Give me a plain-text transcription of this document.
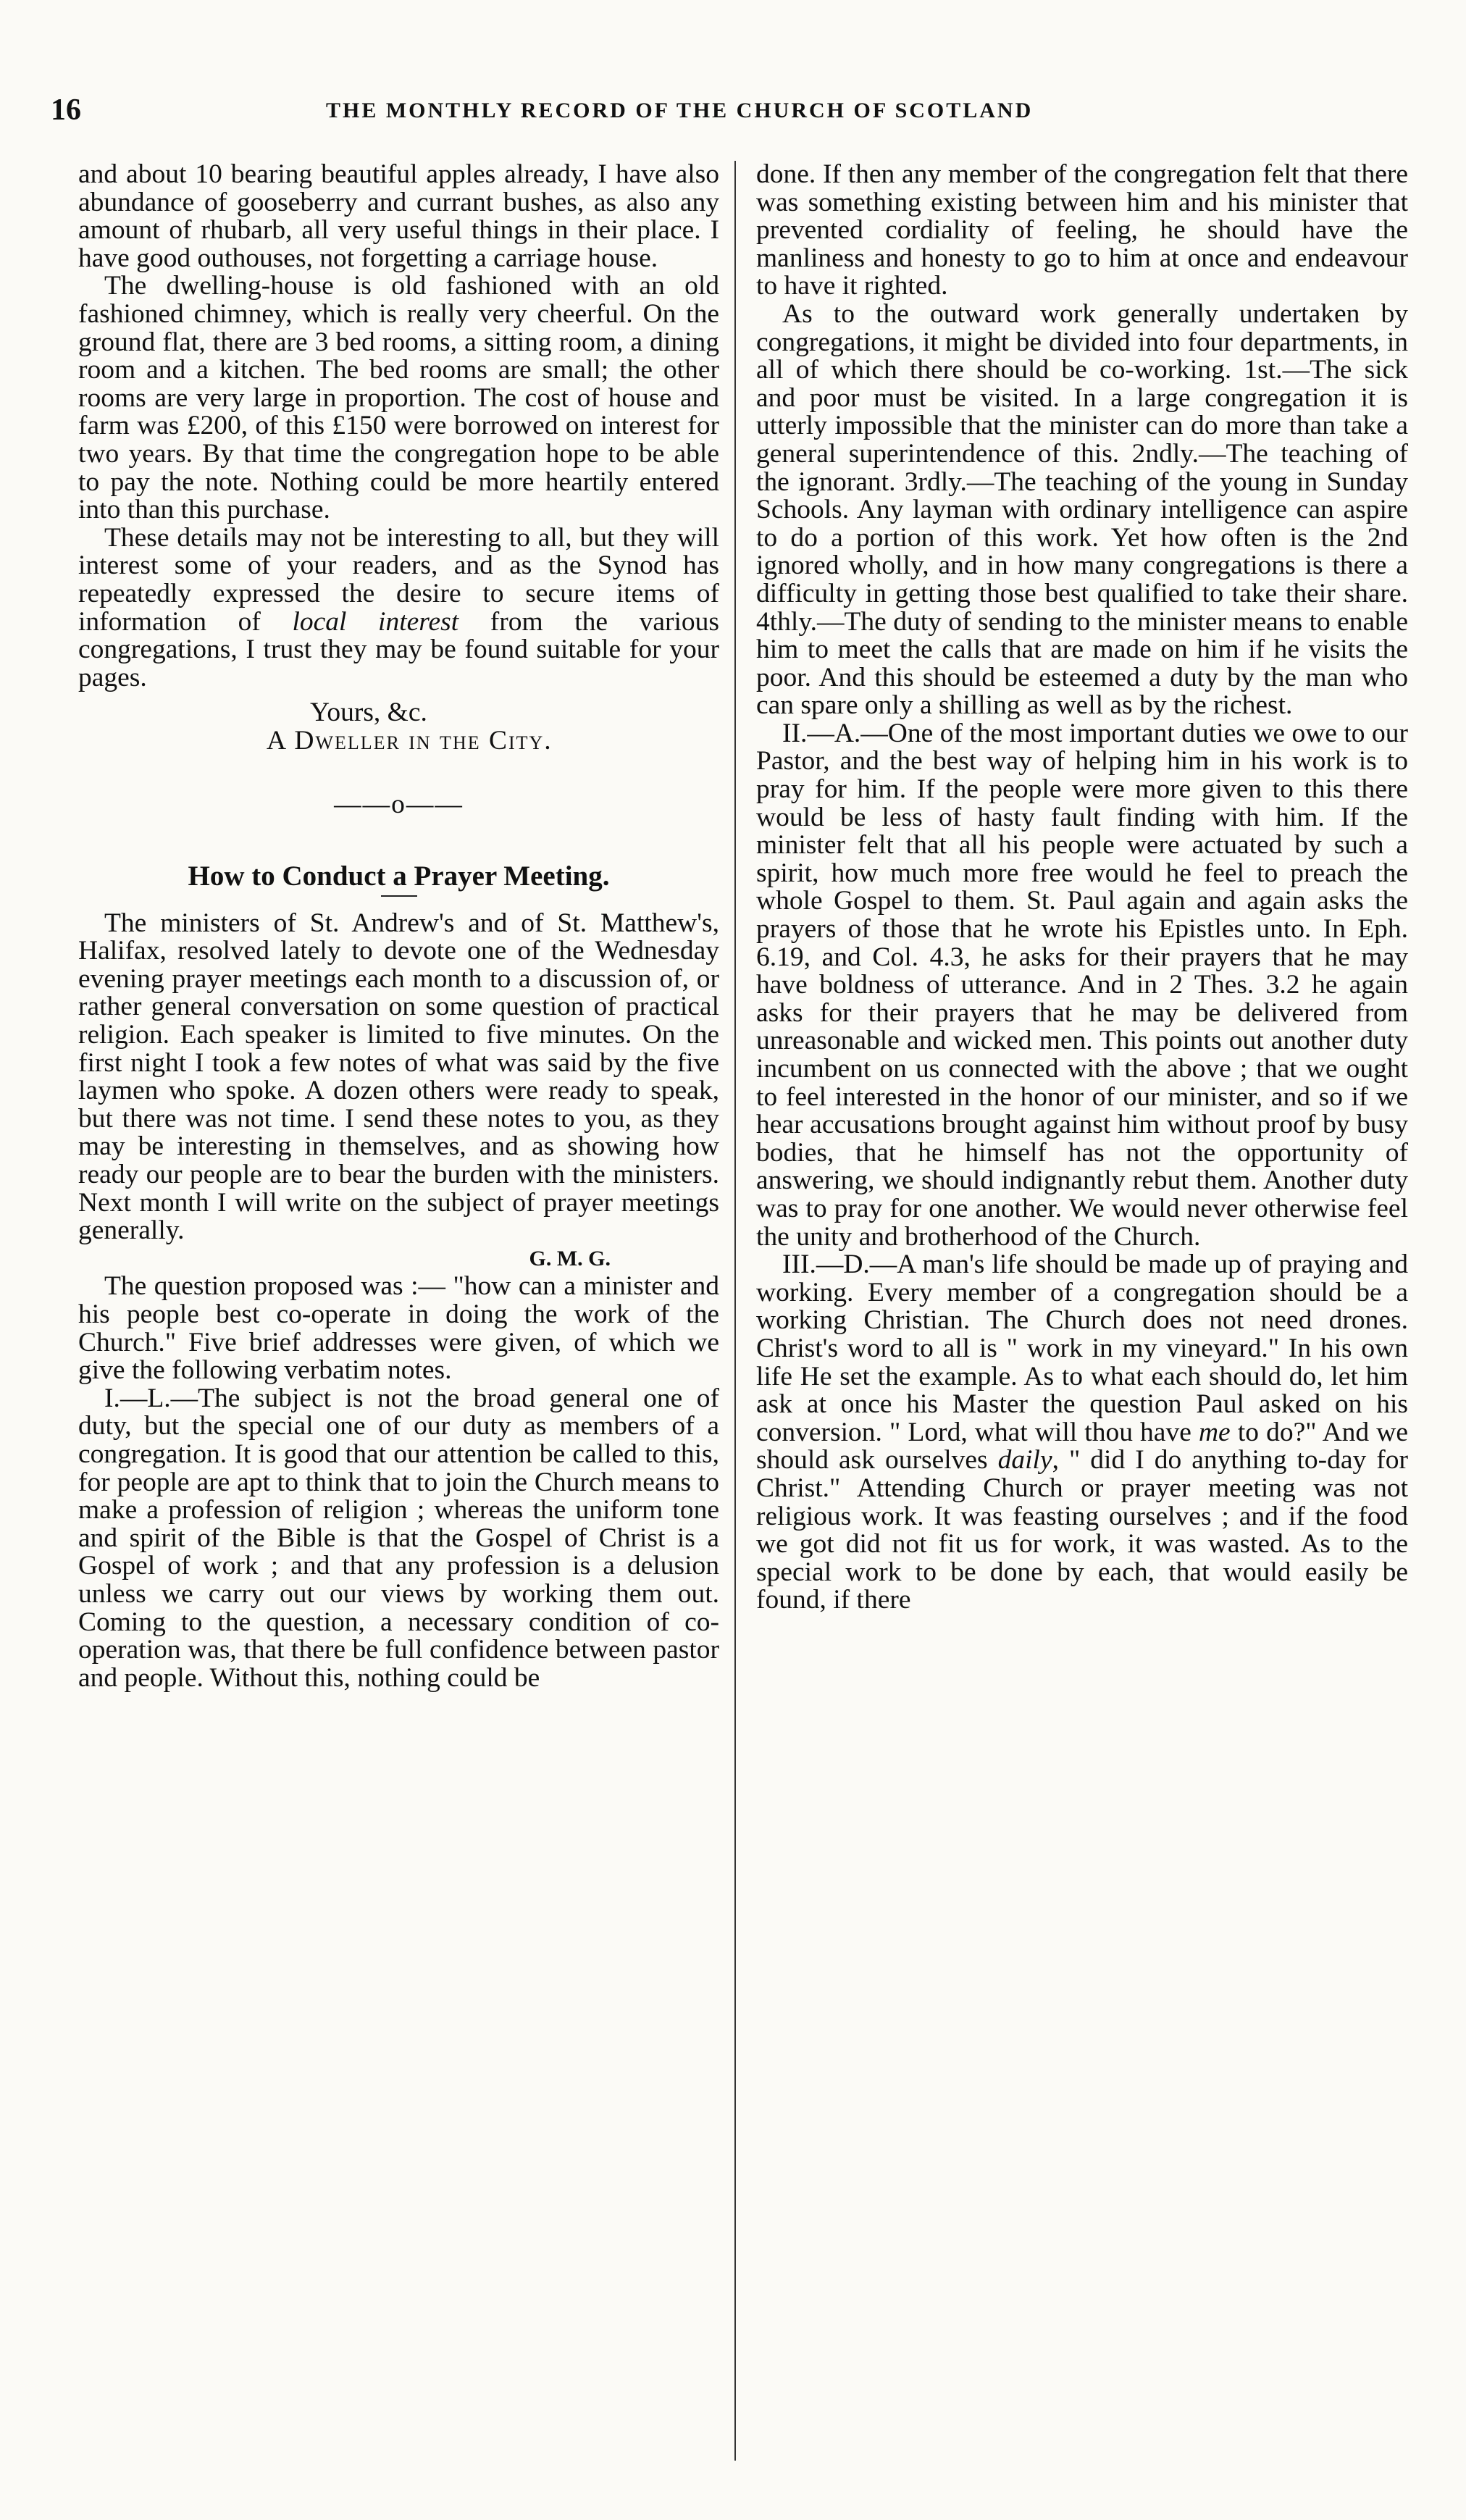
16	THE MONTHLY RECORD OF THE CHURCH OF SCOTLAND

and about 10 bearing beautiful apples already, I have also abundance of gooseberry and currant bushes, as also any amount of rhubarb, all very useful things in their place. I have good outhouses, not forgetting a carriage house.

The dwelling-house is old fashioned with an old fashioned chimney, which is really very cheerful. On the ground flat, there are 3 bed rooms, a sitting room, a dining room and a kitchen. The bed rooms are small; the other rooms are very large in proportion. The cost of house and farm was £200, of this £150 were borrowed on interest for two years. By that time the congregation hope to be able to pay the note. Nothing could be more heartily entered into than this purchase.

These details may not be interesting to all, but they will interest some of your readers, and as the Synod has repeatedly expressed the desire to secure items of information of local interest from the various congregations, I trust they may be found suitable for your pages.

Yours, &c.

A Dweller in the City.

——o——

How to Conduct a Prayer Meeting.

The ministers of St. Andrew's and of St. Matthew's, Halifax, resolved lately to devote one of the Wednesday evening prayer meetings each month to a discussion of, or rather general conversation on some question of practical religion. Each speaker is limited to five minutes. On the first night I took a few notes of what was said by the five laymen who spoke. A dozen others were ready to speak, but there was not time. I send these notes to you, as they may be interesting in themselves, and as showing how ready our people are to bear the burden with the ministers. Next month I will write on the subject of prayer meetings generally.

G. M. G.

The question proposed was :— "how can a minister and his people best co-operate in doing the work of the Church." Five brief addresses were given, of which we give the following verbatim notes.

I.—L.—The subject is not the broad general one of duty, but the special one of our duty as members of a congregation. It is good that our attention be called to this, for people are apt to think that to join the Church means to make a profession of religion ; whereas the uniform tone and spirit of the Bible is that the Gospel of Christ is a Gospel of work ; and that any profession is a delusion unless we carry out our views by working them out. Coming to the question, a necessary condition of co-operation was, that there be full confidence between pastor and people. Without this, nothing could be

done. If then any member of the congregation felt that there was something existing between him and his minister that prevented cordiality of feeling, he should have the manliness and honesty to go to him at once and endeavour to have it righted.

As to the outward work generally undertaken by congregations, it might be divided into four departments, in all of which there should be co-working. 1st.—The sick and poor must be visited. In a large congregation it is utterly impossible that the minister can do more than take a general superintendence of this. 2ndly.—The teaching of the ignorant. 3rdly.—The teaching of the young in Sunday Schools. Any layman with ordinary intelligence can aspire to do a portion of this work. Yet how often is the 2nd ignored wholly, and in how many congregations is there a difficulty in getting those best qualified to take their share. 4thly.—The duty of sending to the minister means to enable him to meet the calls that are made on him if he visits the poor. And this should be esteemed a duty by the man who can spare only a shilling as well as by the richest.

II.—A.—One of the most important duties we owe to our Pastor, and the best way of helping him in his work is to pray for him. If the people were more given to this there would be less of hasty fault finding with him. If the minister felt that all his people were actuated by such a spirit, how much more free would he feel to preach the whole Gospel to them. St. Paul again and again asks the prayers of those that he wrote his Epistles unto. In Eph. 6.19, and Col. 4.3, he asks for their prayers that he may have boldness of utterance. And in 2 Thes. 3.2 he again asks for their prayers that he may be delivered from unreasonable and wicked men. This points out another duty incumbent on us connected with the above ; that we ought to feel interested in the honor of our minister, and so if we hear accusations brought against him without proof by busy bodies, that he himself has not the opportunity of answering, we should indignantly rebut them. Another duty was to pray for one another. We would never otherwise feel the unity and brotherhood of the Church.

III.—D.—A man's life should be made up of praying and working. Every member of a congregation should be a working Christian. The Church does not need drones. Christ's word to all is " work in my vineyard." In his own life He set the example. As to what each should do, let him ask at once his Master the question Paul asked on his conversion. " Lord, what will thou have me to do?" And we should ask ourselves daily, " did I do anything to-day for Christ." Attending Church or prayer meeting was not religious work. It was feasting ourselves ; and if the food we got did not fit us for work, it was wasted. As to the special work to be done by each, that would easily be found, if there
